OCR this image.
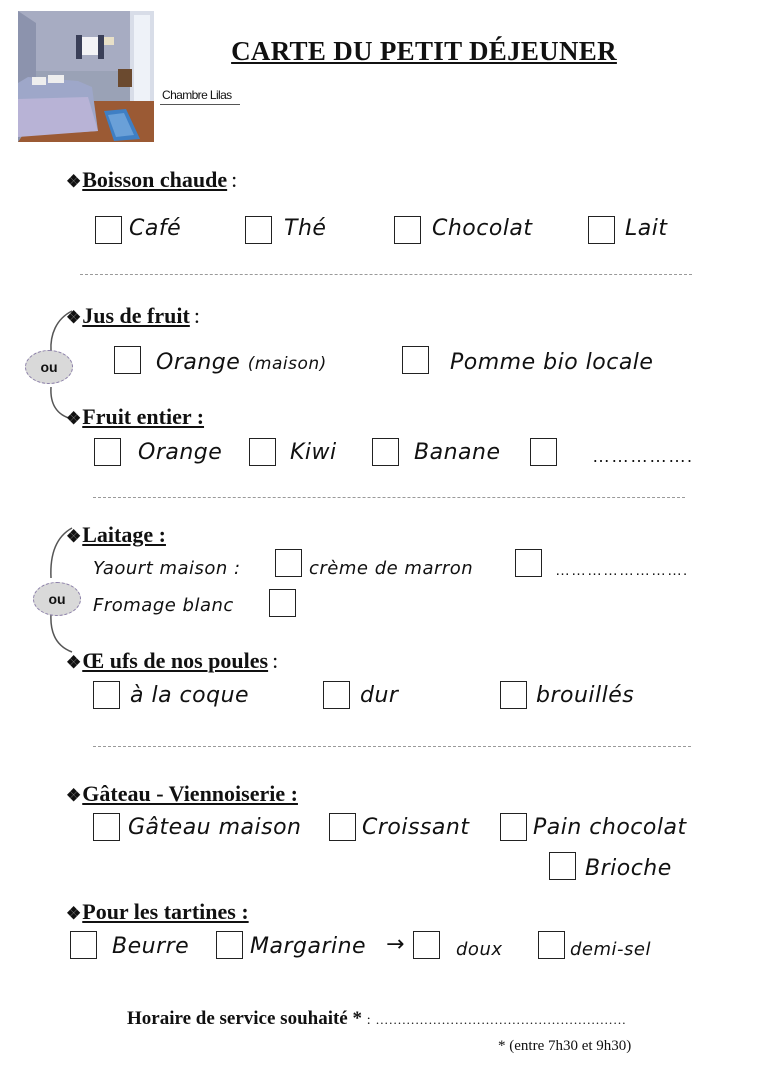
Chambre Lilas
CARTE DU PETIT DÉJEUNER
❖Boisson chaude :
Café	Thé	Chocolat	Lait
ou
❖Jus de fruit :
Orange (maison)	Pomme bio locale
❖Fruit entier :
Orange	Kiwi	Banane	…………….
ou
❖Laitage :
Yaourt maison :	crème de marron	…………………….
Fromage blanc
❖Œ ufs de nos poules :
à la coque	dur	brouillés
❖Gâteau - Viennoiserie :
Gâteau maison	Croissant	Pain chocolat
Brioche
❖Pour les tartines :
Beurre	Margarine →	doux	demi-sel
Horaire de service souhaité * : …………………………………………………
* (entre 7h30 et 9h30)
